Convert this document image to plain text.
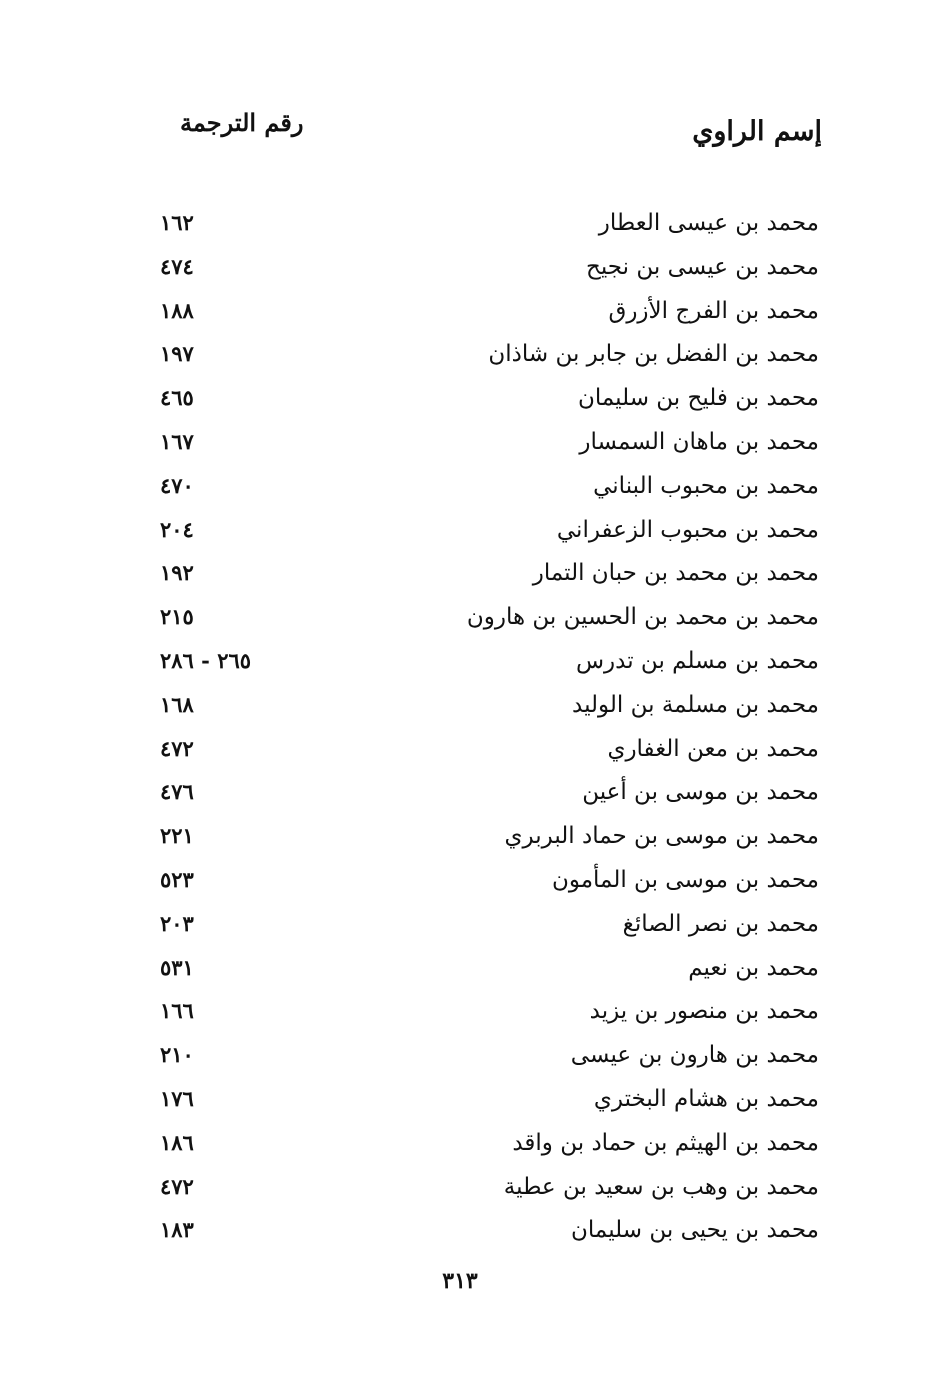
إسم الراوي
رقم الترجمة
محمد بن عيسى العطار
١٦٢
محمد بن عيسى بن نجيح
٤٧٤
محمد بن الفرج الأزرق
١٨٨
محمد بن الفضل بن جابر بن شاذان
١٩٧
محمد بن فليح بن سليمان
٤٦٥
محمد بن ماهان السمسار
١٦٧
محمد بن محبوب البناني
٤٧٠
محمد بن محبوب الزعفراني
٢٠٤
محمد بن محمد بن حبان التمار
١٩٢
محمد بن محمد بن الحسين بن هارون
٢١٥
محمد بن مسلم بن تدرس
٢٦٥ - ٢٨٦
محمد بن مسلمة بن الوليد
١٦٨
محمد بن معن الغفاري
٤٧٢
محمد بن موسى بن أعين
٤٧٦
محمد بن موسى بن حماد البربري
٢٢١
محمد بن موسى بن المأمون
٥٢٣
محمد بن نصر الصائغ
٢٠٣
محمد بن نعيم
٥٣١
محمد بن منصور بن يزيد
١٦٦
محمد بن هارون بن عيسى
٢١٠
محمد بن هشام البختري
١٧٦
محمد بن الهيثم بن حماد بن واقد
١٨٦
محمد بن وهب بن سعيد بن عطية
٤٧٢
محمد بن يحيى بن سليمان
١٨٣
٣١٣
